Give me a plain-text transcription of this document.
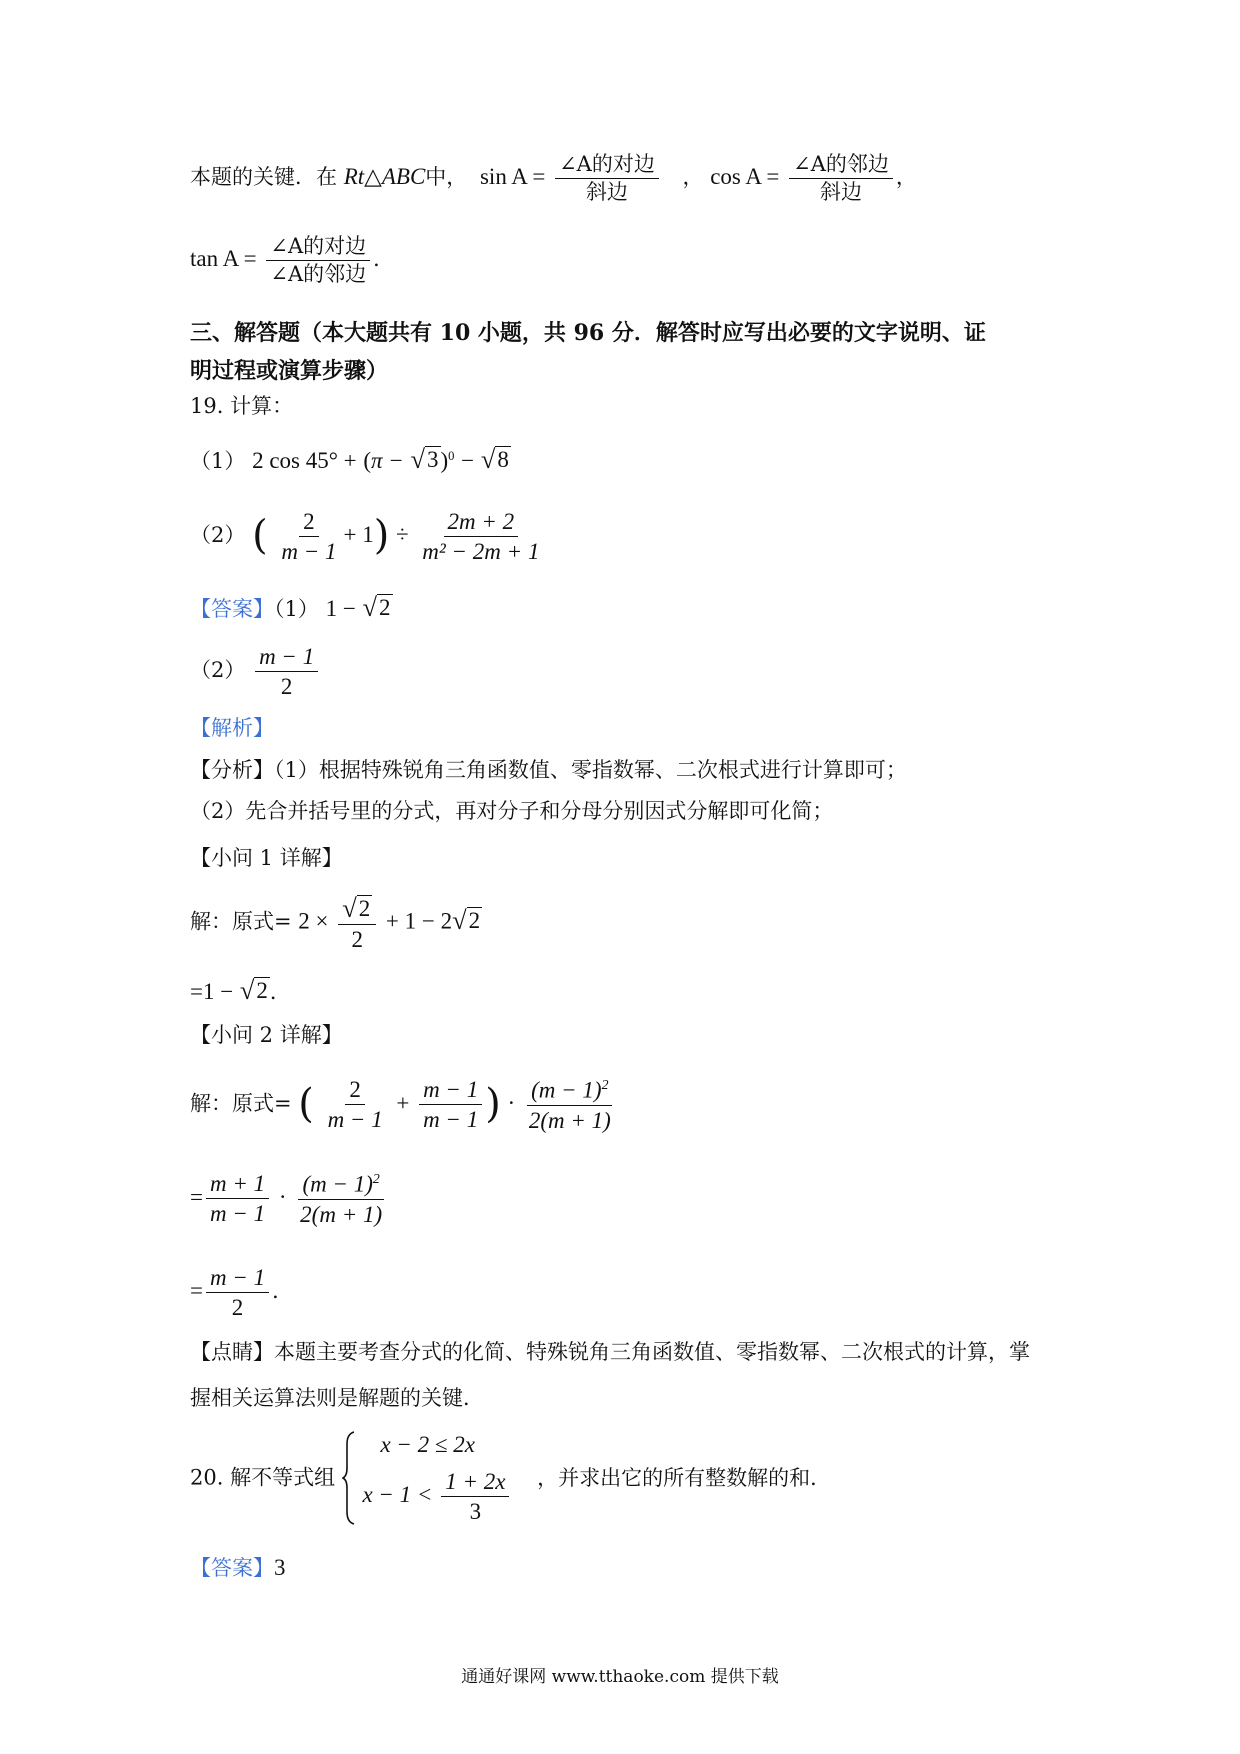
本题的关键．在 Rt△ABC中， $\sin A = \frac{\text{∠A的对边}}{\text{斜边}}$ ， $\cos A = \frac{\text{∠A的邻边}}{\text{斜边}}$ ，
$\tan A = \frac{\text{∠A的对边}}{\text{∠A的邻边}}$ ．
三、解答题（本大题共有 10 小题，共 96 分．解答时应写出必要的文字说明、证
明过程或演算步骤）
19. 计算：
（1） 2 cos 45° + (π − √ 3 )$^0$ − √ 8
（2） ( $\frac{2}{m - 1} + 1) \div \frac{2m + 2}{\text{m² − 2m + 1}}$
【答案】（1） 1 − √ 2
$(2) \frac{m - 1}{2}$
【解析】
【分析】（1）根据特殊锐角三角函数值、零指数幂、二次根式进行计算即可；
（2）先合并括号里的分式，再对分子和分母分别因式分解即可化简；
【小问 1 详解】
解：原式= $2 \times \frac{√ 2}{2} + 1 - 2$ √ 2
=1 − √ 2 ．
【小问 2 详解】
解：原式= ( $\frac{2}{m - 1} + \frac{m - 1}{m - 1}$ ) · $\frac{(m - 1)^2}{2(m + 1)}$
= $\frac{m + 1}{m - 1} \cdot \frac{(m - 1)^2}{2(m + 1)}$
= $\frac{m - 1}{2}$ ．
【点睛】本题主要考查分式的化简、特殊锐角三角函数值、零指数幂、二次根式的计算，掌
握相关运算法则是解题的关键．
20. 解不等式组
x − 2 ≤ 2x
$x - 1 < \frac{1 + 2x}{3}$ ，并求出它的所有整数解的和．
【答案】3
通通好课网 www.tthaoke.com 提供下载
